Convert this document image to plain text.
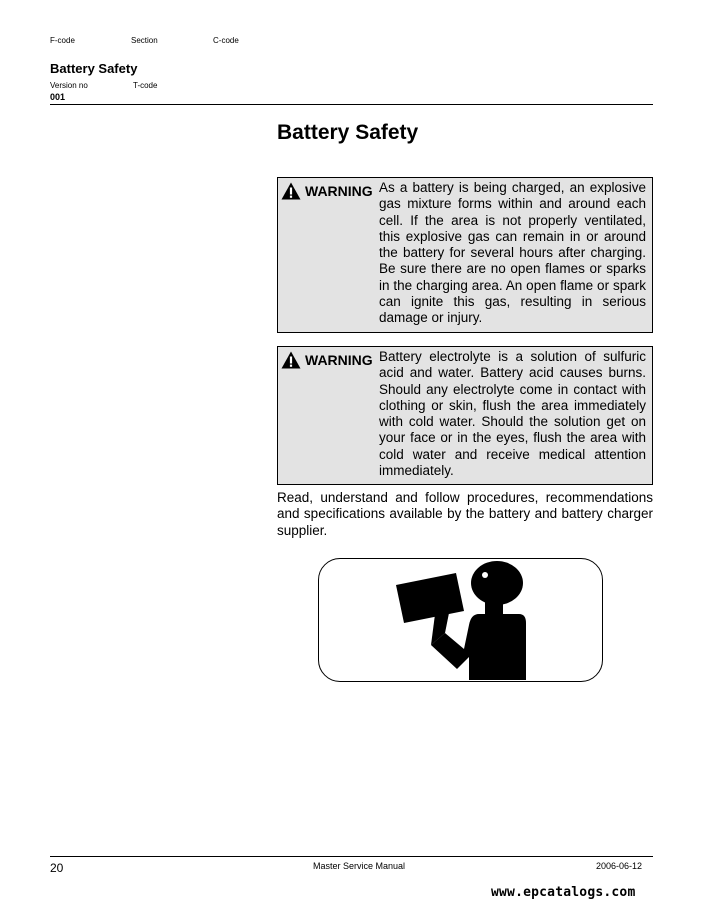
F-code	Section	C-code
Battery Safety
Version no	T-code
001
Battery Safety
WARNING As a battery is being charged, an explosive gas mixture forms within and around each cell. If the area is not properly ventilated, this explosive gas can remain in or around the battery for several hours after charging. Be sure there are no open flames or sparks in the charging area. An open flame or spark can ignite this gas, resulting in serious damage or injury.
WARNING Battery electrolyte is a solution of sulfuric acid and water. Battery acid causes burns. Should any electrolyte come in contact with clothing or skin, flush the area immediately with cold water. Should the solution get on your face or in the eyes, flush the area with cold water and receive medical attention immediately.
Read, understand and follow procedures, recommendations and specifications available by the battery and battery charger supplier.
20	Master Service Manual	2006-06-12
www.epcatalogs.com
